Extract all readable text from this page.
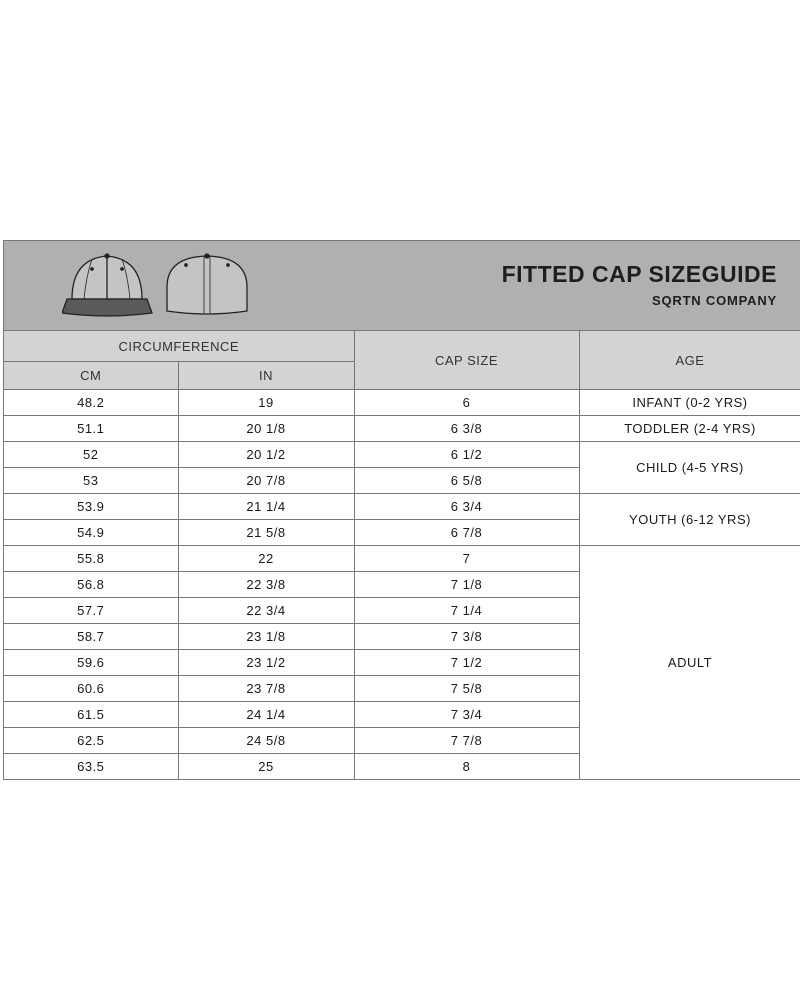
FITTED CAP SIZEGUIDE
SQRTN COMPANY
CIRCUMFERENCE		CAP SIZE	AGE
CM	IN		
48.2	19	6	INFANT (0-2 YRS)
51.1	20 1/8	6 3/8	TODDLER (2-4 YRS)
52	20 1/2	6 1/2	CHILD (4-5 YRS)
53	20 7/8	6 5/8	
53.9	21 1/4	6 3/4	YOUTH (6-12 YRS)
54.9	21 5/8	6 7/8	
55.8	22	7	ADULT
56.8	22 3/8	7 1/8	
57.7	22 3/4	7 1/4	
58.7	23 1/8	7 3/8	
59.6	23 1/2	7 1/2	
60.6	23 7/8	7 5/8	
61.5	24 1/4	7 3/4	
62.5	24 5/8	7 7/8	
63.5	25	8	
